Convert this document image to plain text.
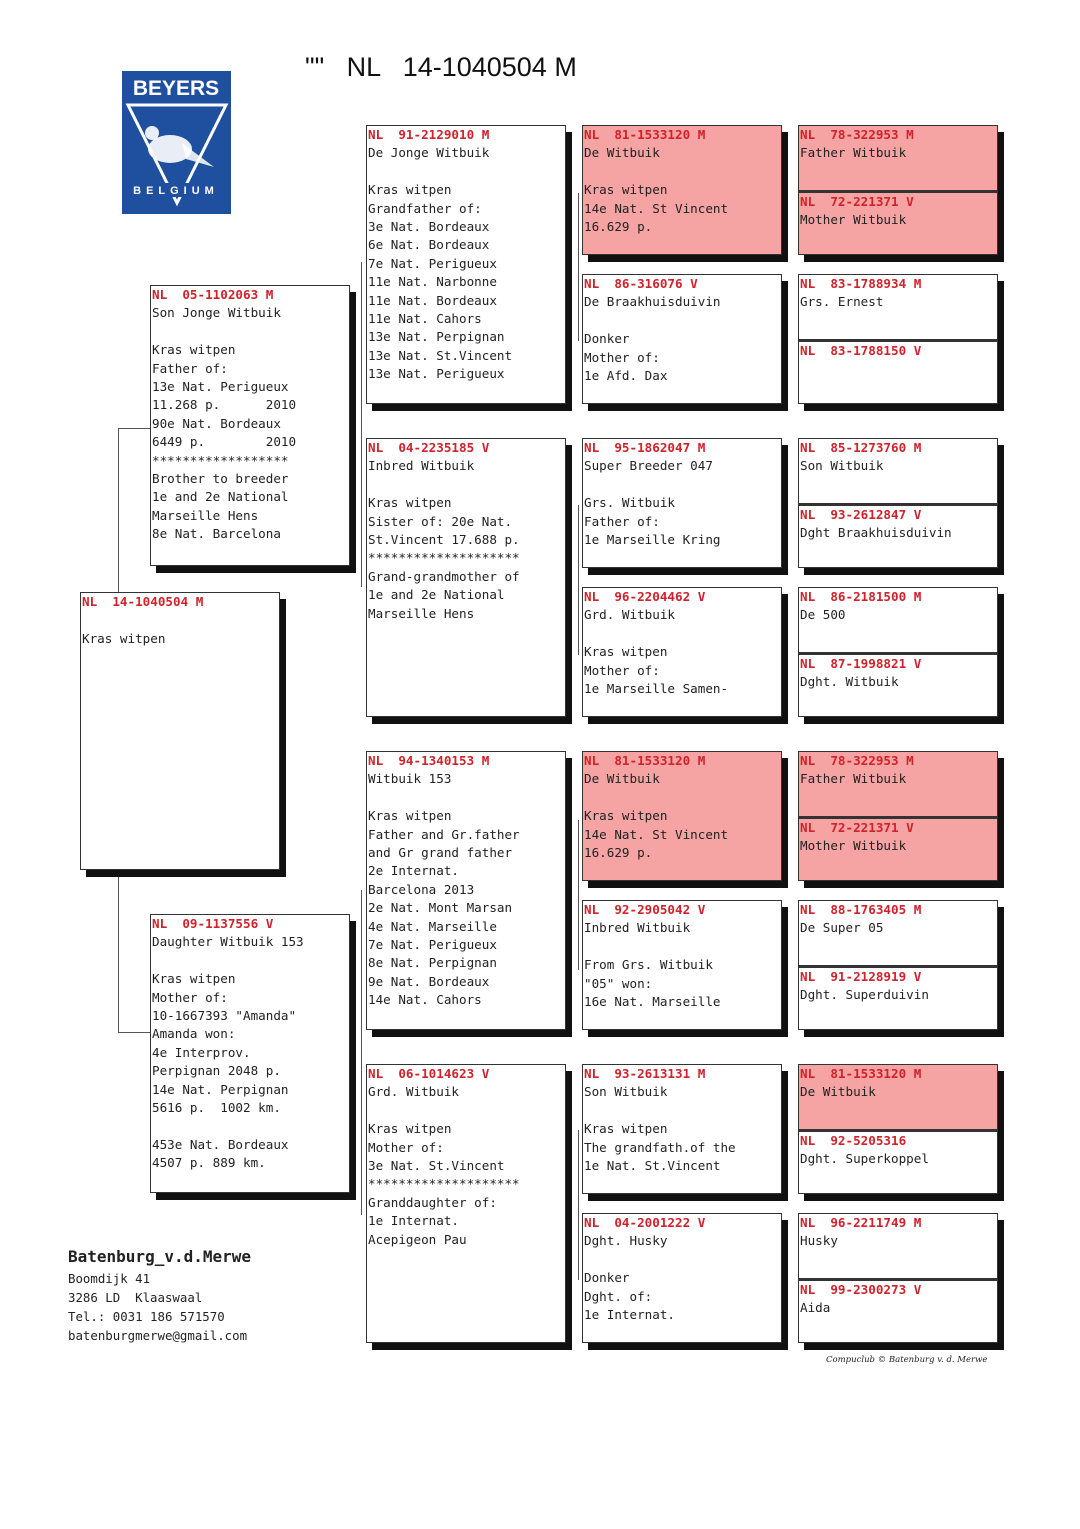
""   NL   14-1040504 M
BEYERS
BELGIUM
NL  14-1040504 M

Kras witpen
NL  05-1102063 M
Son Jonge Witbuik

Kras witpen
Father of:
13e Nat. Perigueux
11.268 p.      2010
90e Nat. Bordeaux
6449 p.        2010
******************
Brother to breeder
1e and 2e National
Marseille Hens
8e Nat. Barcelona
NL  09-1137556 V
Daughter Witbuik 153

Kras witpen
Mother of:
10-1667393 "Amanda"
Amanda won:
4e Interprov.
Perpignan 2048 p.
14e Nat. Perpignan
5616 p.  1002 km.

453e Nat. Bordeaux
4507 p. 889 km.
NL  91-2129010 M
De Jonge Witbuik

Kras witpen
Grandfather of:
3e Nat. Bordeaux
6e Nat. Bordeaux
7e Nat. Perigueux
11e Nat. Narbonne
11e Nat. Bordeaux
11e Nat. Cahors
13e Nat. Perpignan
13e Nat. St.Vincent
13e Nat. Perigueux
NL  04-2235185 V
Inbred Witbuik

Kras witpen
Sister of: 20e Nat.
St.Vincent 17.688 p.
********************
Grand-grandmother of
1e and 2e National
Marseille Hens
NL  94-1340153 M
Witbuik 153

Kras witpen
Father and Gr.father
and Gr grand father
2e Internat.
Barcelona 2013
2e Nat. Mont Marsan
4e Nat. Marseille
7e Nat. Perigueux
8e Nat. Perpignan
9e Nat. Bordeaux
14e Nat. Cahors
NL  06-1014623 V
Grd. Witbuik

Kras witpen
Mother of:
3e Nat. St.Vincent
********************
Granddaughter of:
1e Internat.
Acepigeon Pau
NL  81-1533120 M
De Witbuik

Kras witpen
14e Nat. St Vincent
16.629 p.
NL  86-316076 V
De Braakhuisduivin

Donker
Mother of:
1e Afd. Dax
NL  95-1862047 M
Super Breeder 047

Grs. Witbuik
Father of:
1e Marseille Kring
NL  96-2204462 V
Grd. Witbuik

Kras witpen
Mother of:
1e Marseille Samen-
NL  81-1533120 M
De Witbuik

Kras witpen
14e Nat. St Vincent
16.629 p.
NL  92-2905042 V
Inbred Witbuik

From Grs. Witbuik
"05" won:
16e Nat. Marseille
NL  93-2613131 M
Son Witbuik

Kras witpen
The grandfath.of the
1e Nat. St.Vincent
NL  04-2001222 V
Dght. Husky

Donker
Dght. of:
1e Internat.
NL  78-322953 M
Father Witbuik
NL  72-221371 V
Mother Witbuik
NL  83-1788934 M
Grs. Ernest
NL  83-1788150 V
NL  85-1273760 M
Son Witbuik
NL  93-2612847 V
Dght Braakhuisduivin
NL  86-2181500 M
De 500
NL  87-1998821 V
Dght. Witbuik
NL  78-322953 M
Father Witbuik
NL  72-221371 V
Mother Witbuik
NL  88-1763405 M
De Super 05
NL  91-2128919 V
Dght. Superduivin
NL  81-1533120 M
De Witbuik
NL  92-5205316
Dght. Superkoppel
NL  96-2211749 M
Husky
NL  99-2300273 V
Aida
Batenburg_v.d.Merwe
Boomdijk 41
3286 LD  Klaaswaal
Tel.: 0031 186 571570
batenburgmerwe@gmail.com
Compuclub © Batenburg v. d. Merwe
